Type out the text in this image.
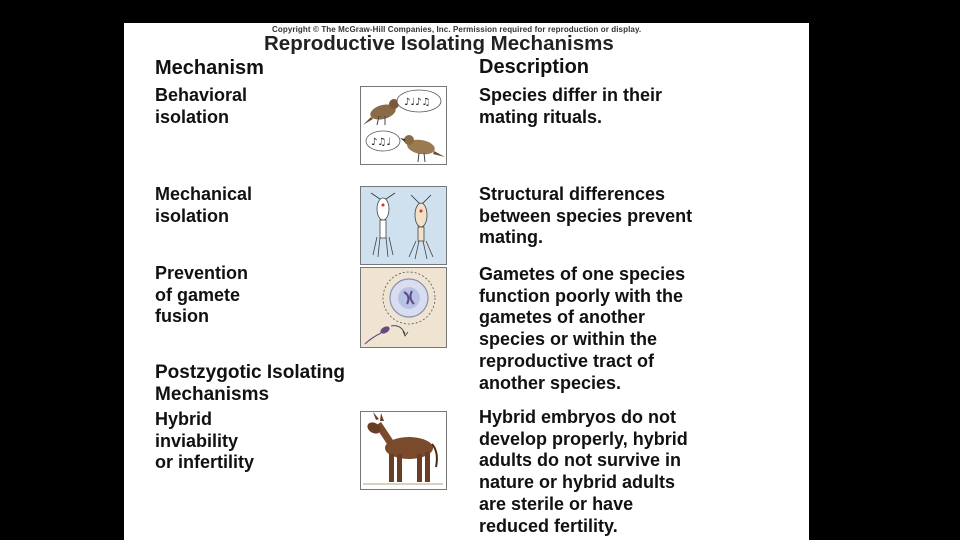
Copyright © The McGraw-Hill Companies, Inc. Permission required for reproduction or display.
Reproductive Isolating Mechanisms
Mechanism	Description
Behavioral
isolation
♪♩♪♫
♪♫♩
Species differ in their
mating rituals.
Mechanical
isolation
Structural differences
between species prevent
mating.
Prevention
of gamete
fusion
Gametes of one species
function poorly with the
gametes of another
species or within the
reproductive tract of
another species.
Postzygotic Isolating
Mechanisms
Hybrid
inviability
or infertility
Hybrid embryos do not
develop properly, hybrid
adults do not survive in
nature or hybrid adults
are sterile or have
reduced fertility.
